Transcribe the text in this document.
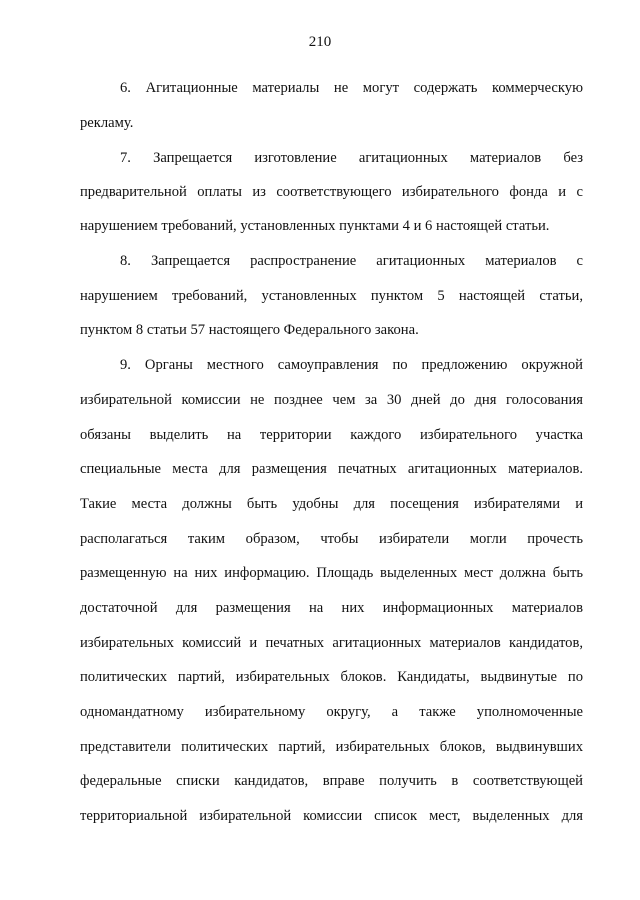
210
6. Агитационные материалы не могут содержать коммерческую
рекламу.
7. Запрещается изготовление агитационных материалов без
предварительной оплаты из соответствующего избирательного фонда и с
нарушением требований, установленных пунктами 4 и 6 настоящей статьи.
8. Запрещается распространение агитационных материалов с
нарушением требований, установленных пунктом 5 настоящей статьи,
пунктом 8 статьи 57 настоящего Федерального закона.
9. Органы местного самоуправления по предложению окружной
избирательной комиссии не позднее чем за 30 дней до дня голосования
обязаны выделить на территории каждого избирательного участка
специальные места для размещения печатных агитационных материалов.
Такие места должны быть удобны для посещения избирателями и
располагаться таким образом, чтобы избиратели могли прочесть
размещенную на них информацию. Площадь выделенных мест должна быть
достаточной для размещения на них информационных материалов
избирательных комиссий и печатных агитационных материалов кандидатов,
политических партий, избирательных блоков. Кандидаты, выдвинутые по
одномандатному избирательному округу, а также уполномоченные
представители политических партий, избирательных блоков, выдвинувших
федеральные списки кандидатов, вправе получить в соответствующей
территориальной избирательной комиссии список мест, выделенных для
